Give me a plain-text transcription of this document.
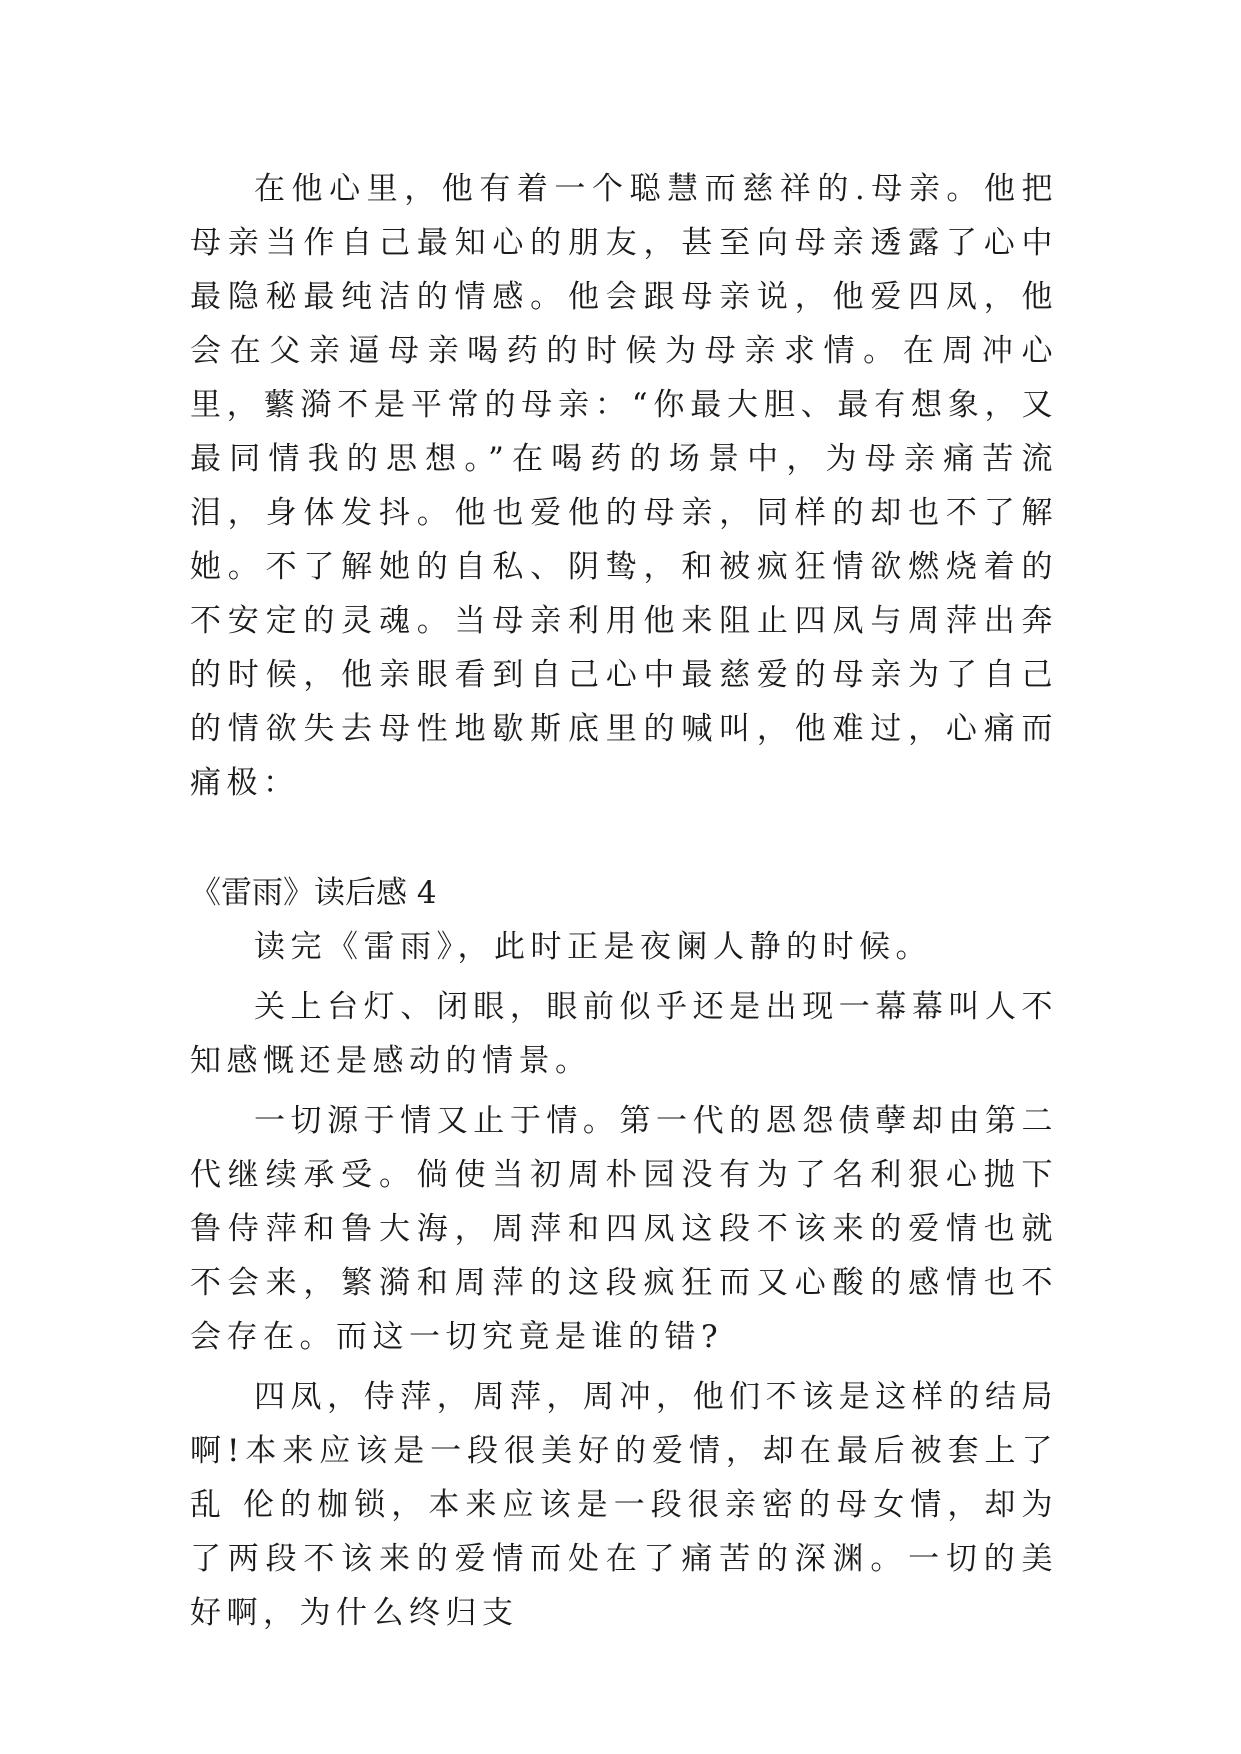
在他心里，他有着一个聪慧而慈祥的.母亲。他把母亲当作自己最知心的朋友，甚至向母亲透露了心中最隐秘最纯洁的情感。他会跟母亲说，他爱四凤，他会在父亲逼母亲喝药的时候为母亲求情。在周冲心里，蘩漪不是平常的母亲：“你最大胆、最有想象，又最同情我的思想。”在喝药的场景中，为母亲痛苦流泪，身体发抖。他也爱他的母亲，同样的却也不了解她。不了解她的自私、阴鸷，和被疯狂情欲燃烧着的不安定的灵魂。当母亲利用他来阻止四凤与周萍出奔的时候，他亲眼看到自己心中最慈爱的母亲为了自己的情欲失去母性地歇斯底里的喊叫，他难过，心痛而痛极：

《雷雨》读后感 4

读完《雷雨》，此时正是夜阑人静的时候。

关上台灯、闭眼，眼前似乎还是出现一幕幕叫人不知感慨还是感动的情景。

一切源于情又止于情。第一代的恩怨债孽却由第二代继续承受。倘使当初周朴园没有为了名利狠心抛下鲁侍萍和鲁大海，周萍和四凤这段不该来的爱情也就不会来，繁漪和周萍的这段疯狂而又心酸的感情也不会存在。而这一切究竟是谁的错?

四凤，侍萍，周萍，周冲，他们不该是这样的结局啊!本来应该是一段很美好的爱情，却在最后被套上了乱 伦的枷锁，本来应该是一段很亲密的母女情，却为了两段不该来的爱情而处在了痛苦的深渊。一切的美好啊，为什么终归支
